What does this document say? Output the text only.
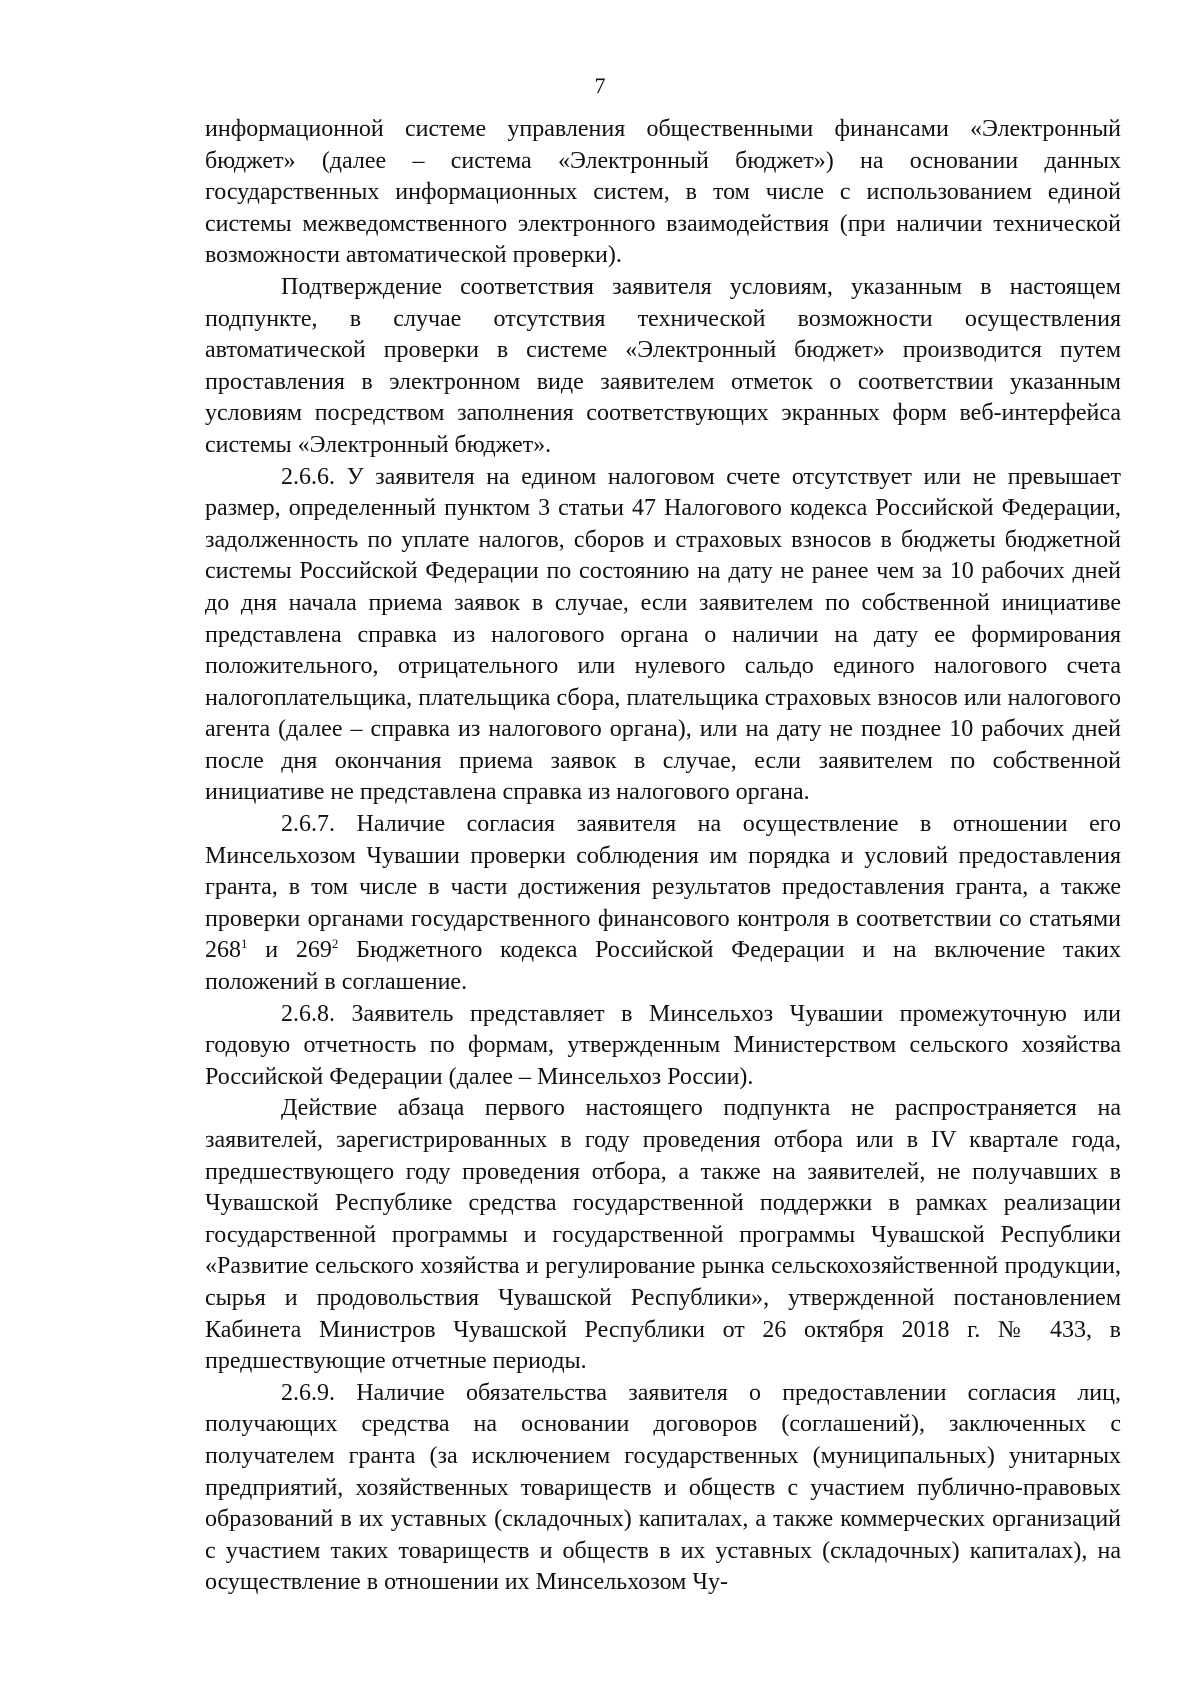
7

информационной системе управления общественными финансами «Электронный бюджет» (далее – система «Электронный бюджет») на основании данных государственных информационных систем, в том числе с использованием единой системы межведомственного электронного взаимодействия (при наличии технической возможности автоматической проверки).

Подтверждение соответствия заявителя условиям, указанным в настоящем подпункте, в случае отсутствия технической возможности осуществления автоматической проверки в системе «Электронный бюджет» производится путем проставления в электронном виде заявителем отметок о соответствии указанным условиям посредством заполнения соответствующих экранных форм веб-интерфейса системы «Электронный бюджет».

2.6.6. У заявителя на едином налоговом счете отсутствует или не превышает размер, определенный пунктом 3 статьи 47 Налогового кодекса Российской Федерации, задолженность по уплате налогов, сборов и страховых взносов в бюджеты бюджетной системы Российской Федерации по состоянию на дату не ранее чем за 10 рабочих дней до дня начала приема заявок в случае, если заявителем по собственной инициативе представлена справка из налогового органа о наличии на дату ее формирования положительного, отрицательного или нулевого сальдо единого налогового счета налогоплательщика, плательщика сбора, плательщика страховых взносов или налогового агента (далее – справка из налогового органа), или на дату не позднее 10 рабочих дней после дня окончания приема заявок в случае, если заявителем по собственной инициативе не представлена справка из налогового органа.

2.6.7. Наличие согласия заявителя на осуществление в отношении его Минсельхозом Чувашии проверки соблюдения им порядка и условий предоставления гранта, в том числе в части достижения результатов предоставления гранта, а также проверки органами государственного финансового контроля в соответствии со статьями $268^1$ и $269^2$ Бюджетного кодекса Российской Федерации и на включение таких положений в соглашение.

2.6.8. Заявитель представляет в Минсельхоз Чувашии промежуточную или годовую отчетность по формам, утвержденным Министерством сельского хозяйства Российской Федерации (далее – Минсельхоз России).

Действие абзаца первого настоящего подпункта не распространяется на заявителей, зарегистрированных в году проведения отбора или в IV квартале года, предшествующего году проведения отбора, а также на заявителей, не получавших в Чувашской Республике средства государственной поддержки в рамках реализации государственной программы и государственной программы Чувашской Республики «Развитие сельского хозяйства и регулирование рынка сельскохозяйственной продукции, сырья и продовольствия Чувашской Республики», утвержденной постановлением Кабинета Министров Чувашской Республики от 26 октября 2018 г. № 433, в предшествующие отчетные периоды.

2.6.9. Наличие обязательства заявителя о предоставлении согласия лиц, получающих средства на основании договоров (соглашений), заключенных с получателем гранта (за исключением государственных (муниципальных) унитарных предприятий, хозяйственных товариществ и обществ с участием публично-правовых образований в их уставных (складочных) капиталах, а также коммерческих организаций с участием таких товариществ и обществ в их уставных (складочных) капиталах), на осуществление в отношении их Минсельхозом Чу-
